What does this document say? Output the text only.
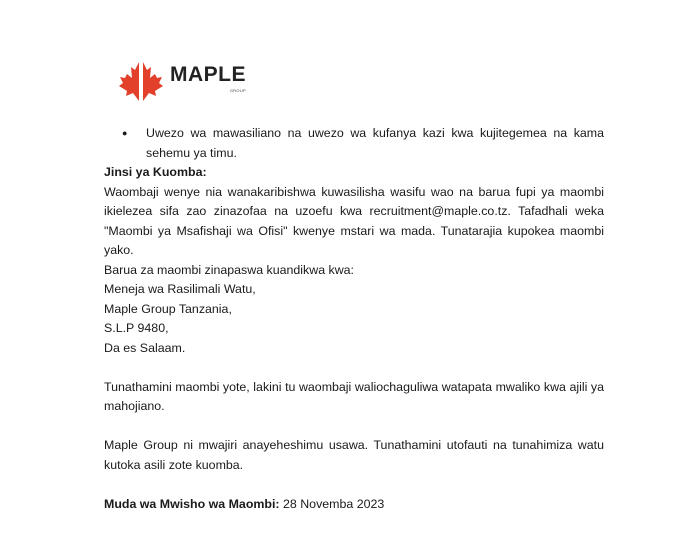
MAPLE
GROUP
●	Uwezo wa mawasiliano na uwezo wa kufanya kazi kwa kujitegemea na kama sehemu ya timu.
Jinsi ya Kuomba:
Waombaji wenye nia wanakaribishwa kuwasilisha wasifu wao na barua fupi ya maombi ikielezea sifa zao zinazofaa na uzoefu kwa recruitment@maple.co.tz. Tafadhali weka "Maombi ya Msafishaji wa Ofisi" kwenye mstari wa mada. Tunatarajia kupokea maombi yako.
Barua za maombi zinapaswa kuandikwa kwa:
Meneja wa Rasilimali Watu,
Maple Group Tanzania,
S.L.P 9480,
Da es Salaam.
Tunathamini maombi yote, lakini tu waombaji waliochaguliwa watapata mwaliko kwa ajili ya mahojiano.
Maple Group ni mwajiri anayeheshimu usawa. Tunathamini utofauti na tunahimiza watu kutoka asili zote kuomba.
Muda wa Mwisho wa Maombi: 28 Novemba 2023
